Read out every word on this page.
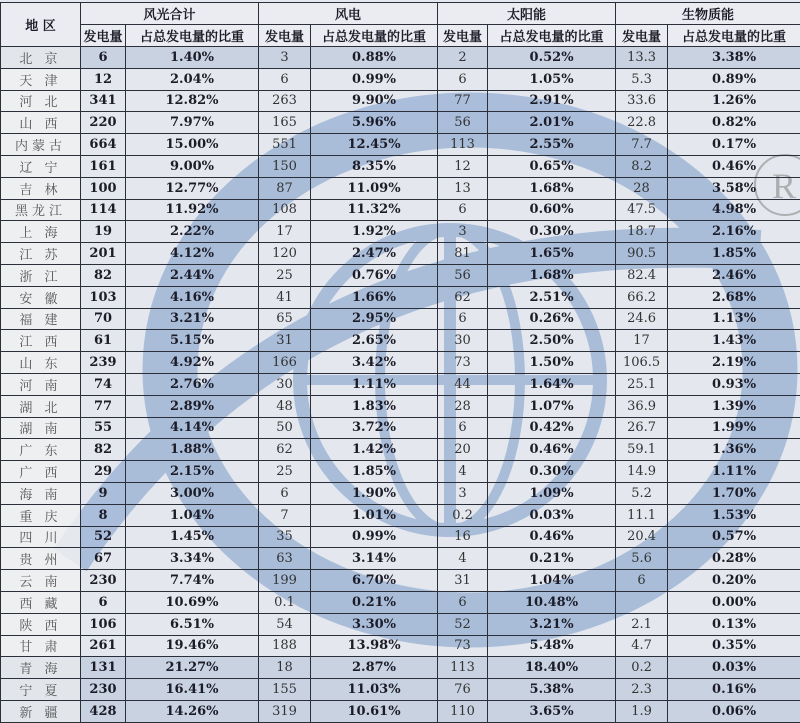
R
地 区	风光合计		风电		太阳能		生物质能	
	发电量	占总发电量的比重	发电量	占总发电量的比重	发电量	占总发电量的比重	发电量	占总发电量的比重
北 京	6	1.40%	3	0.88%	2	0.52%	13.3	3.38%
天 津	12	2.04%	6	0.99%	6	1.05%	5.3	0.89%
河 北	341	12.82%	263	9.90%	77	2.91%	33.6	1.26%
山 西	220	7.97%	165	5.96%	56	2.01%	22.8	0.82%
内蒙古	664	15.00%	551	12.45%	113	2.55%	7.7	0.17%
辽 宁	161	9.00%	150	8.35%	12	0.65%	8.2	0.46%
吉 林	100	12.77%	87	11.09%	13	1.68%	28	3.58%
黑龙江	114	11.92%	108	11.32%	6	0.60%	47.5	4.98%
上 海	19	2.22%	17	1.92%	3	0.30%	18.7	2.16%
江 苏	201	4.12%	120	2.47%	81	1.65%	90.5	1.85%
浙 江	82	2.44%	25	0.76%	56	1.68%	82.4	2.46%
安 徽	103	4.16%	41	1.66%	62	2.51%	66.2	2.68%
福 建	70	3.21%	65	2.95%	6	0.26%	24.6	1.13%
江 西	61	5.15%	31	2.65%	30	2.50%	17	1.43%
山 东	239	4.92%	166	3.42%	73	1.50%	106.5	2.19%
河 南	74	2.76%	30	1.11%	44	1.64%	25.1	0.93%
湖 北	77	2.89%	48	1.83%	28	1.07%	36.9	1.39%
湖 南	55	4.14%	50	3.72%	6	0.42%	26.7	1.99%
广 东	82	1.88%	62	1.42%	20	0.46%	59.1	1.36%
广 西	29	2.15%	25	1.85%	4	0.30%	14.9	1.11%
海 南	9	3.00%	6	1.90%	3	1.09%	5.2	1.70%
重 庆	8	1.04%	7	1.01%	0.2	0.03%	11.1	1.53%
四 川	52	1.45%	35	0.99%	16	0.46%	20.4	0.57%
贵 州	67	3.34%	63	3.14%	4	0.21%	5.6	0.28%
云 南	230	7.74%	199	6.70%	31	1.04%	6	0.20%
西 藏	6	10.69%	0.1	0.21%	6	10.48%		0.00%
陕 西	106	6.51%	54	3.30%	52	3.21%	2.1	0.13%
甘 肃	261	19.46%	188	13.98%	73	5.48%	4.7	0.35%
青 海	131	21.27%	18	2.87%	113	18.40%	0.2	0.03%
宁 夏	230	16.41%	155	11.03%	76	5.38%	2.3	0.16%
新 疆	428	14.26%	319	10.61%	110	3.65%	1.9	0.06%
